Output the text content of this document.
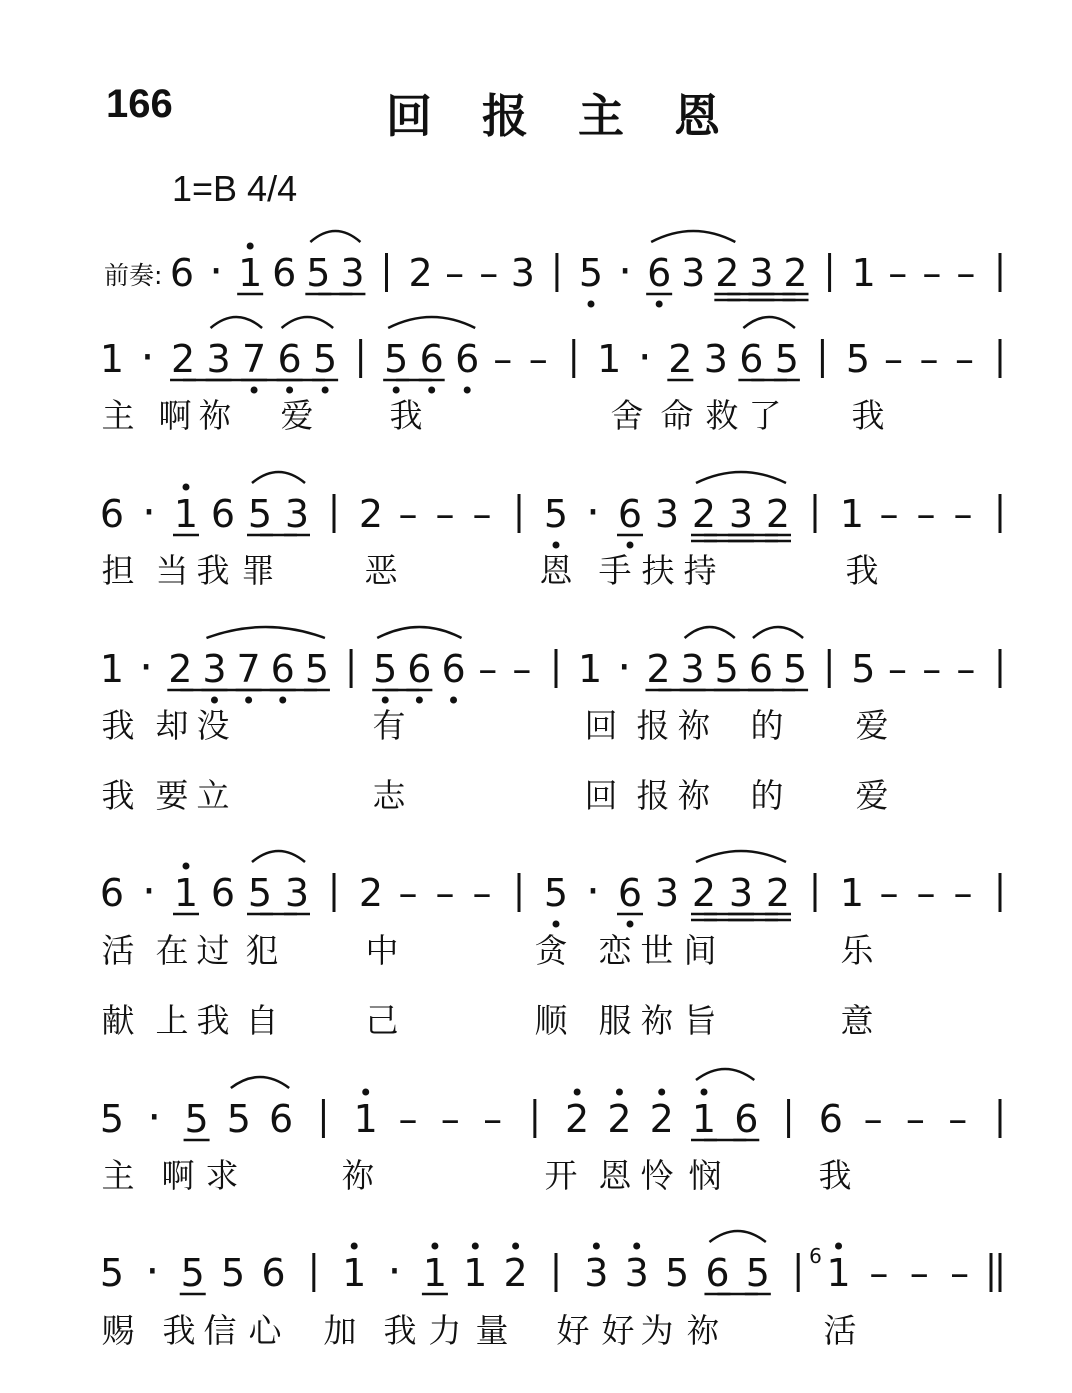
166	回报主恩
1=B 4/4
前奏: 6 · 1 6 5 3 2 – – 3 5 · 6 3 2 3 2 1 – – –
1 · 2 3 7 6 5 5 6 6 – – 1 · 2 3 6 5 5 – – –
6 · 1 6 5 3 2 – – – 5 · 6 3 2 3 2 1 – – –
1 · 2 3 7 6 5 5 6 6 – – 1 · 2 3 5 6 5 5 – – –
6 · 1 6 5 3 2 – – – 5 · 6 3 2 3 2 1 – – –
5 · 5 5 6 1 – – – 2 2 2 1 6 6 – – –
5 · 5 5 6 1 · 1 1 2 3 3 5 6 5 1
6 – – –
主 啊 祢 爱 我	舍 命 救 了 我
担 当 我 罪	恶	恩 手 扶 持	我
我 却 没	有	回 报 祢 的 爱
我 要 立	志	回 报 祢 的 爱
活 在 过 犯	中	贪 恋 世 间	乐
献 上 我 自	己	顺 服 祢 旨	意
主 啊 求	祢	开 恩 怜 悯	我
赐 我 信 心 加 我 力 量 好 好 为 祢	活
